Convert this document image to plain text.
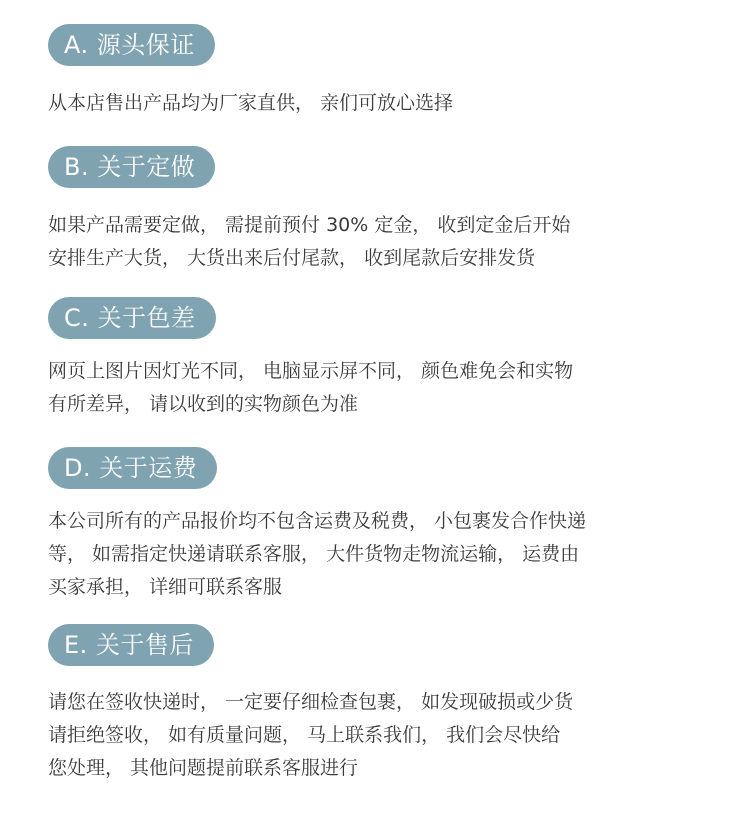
A. 源头保证
从本店售出产品均为厂家直供， 亲们可放心选择
B. 关于定做
如果产品需要定做， 需提前预付 30% 定金， 收到定金后开始
安排生产大货， 大货出来后付尾款， 收到尾款后安排发货
C. 关于色差
网页上图片因灯光不同， 电脑显示屏不同， 颜色难免会和实物
有所差异， 请以收到的实物颜色为准
D. 关于运费
本公司所有的产品报价均不包含运费及税费， 小包裹发合作快递
等， 如需指定快递请联系客服， 大件货物走物流运输， 运费由
买家承担， 详细可联系客服
E. 关于售后
请您在签收快递时， 一定要仔细检查包裹， 如发现破损或少货
请拒绝签收， 如有质量问题， 马上联系我们， 我们会尽快给
您处理， 其他问题提前联系客服进行
